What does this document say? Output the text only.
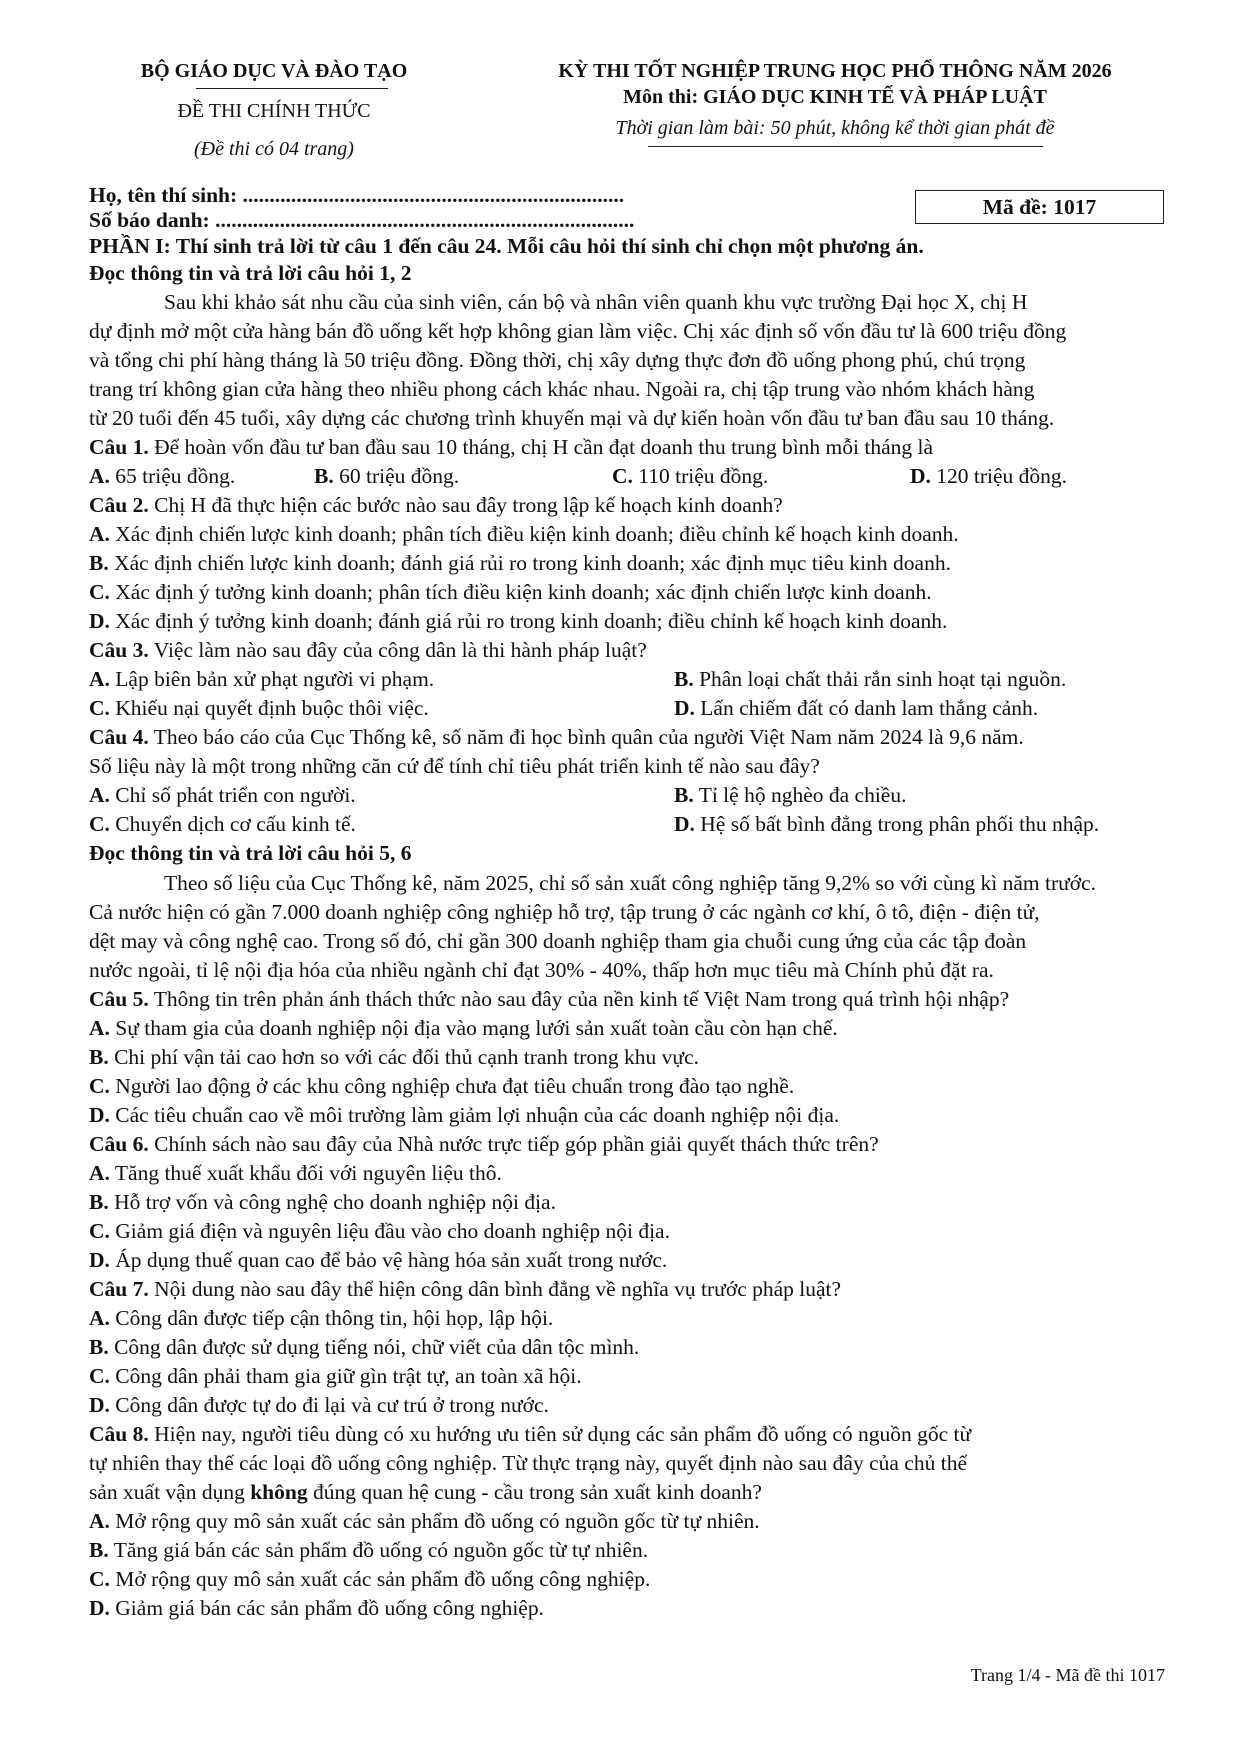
BỘ GIÁO DỤC VÀ ĐÀO TẠO
ĐỀ THI CHÍNH THỨC
(Đề thi có 04 trang)
KỲ THI TỐT NGHIỆP TRUNG HỌC PHỔ THÔNG NĂM 2026
Môn thi: GIÁO DỤC KINH TẾ VÀ PHÁP LUẬT
Thời gian làm bài: 50 phút, không kể thời gian phát đề
Họ, tên thí sinh: .......................................................................
Số báo danh: ..............................................................................
Mã đề: 1017
PHẦN I: Thí sinh trả lời từ câu 1 đến câu 24. Mỗi câu hỏi thí sinh chỉ chọn một phương án.
Đọc thông tin và trả lời câu hỏi 1, 2
Sau khi khảo sát nhu cầu của sinh viên, cán bộ và nhân viên quanh khu vực trường Đại học X, chị H
dự định mở một cửa hàng bán đồ uống kết hợp không gian làm việc. Chị xác định số vốn đầu tư là 600 triệu đồng
và tổng chi phí hàng tháng là 50 triệu đồng. Đồng thời, chị xây dựng thực đơn đồ uống phong phú, chú trọng
trang trí không gian cửa hàng theo nhiều phong cách khác nhau. Ngoài ra, chị tập trung vào nhóm khách hàng
từ 20 tuổi đến 45 tuổi, xây dựng các chương trình khuyến mại và dự kiến hoàn vốn đầu tư ban đầu sau 10 tháng.
Câu 1. Để hoàn vốn đầu tư ban đầu sau 10 tháng, chị H cần đạt doanh thu trung bình mỗi tháng là
A. 65 triệu đồng.	B. 60 triệu đồng.	C. 110 triệu đồng.	D. 120 triệu đồng.
Câu 2. Chị H đã thực hiện các bước nào sau đây trong lập kế hoạch kinh doanh?
A. Xác định chiến lược kinh doanh; phân tích điều kiện kinh doanh; điều chỉnh kế hoạch kinh doanh.
B. Xác định chiến lược kinh doanh; đánh giá rủi ro trong kinh doanh; xác định mục tiêu kinh doanh.
C. Xác định ý tưởng kinh doanh; phân tích điều kiện kinh doanh; xác định chiến lược kinh doanh.
D. Xác định ý tưởng kinh doanh; đánh giá rủi ro trong kinh doanh; điều chỉnh kế hoạch kinh doanh.
Câu 3. Việc làm nào sau đây của công dân là thi hành pháp luật?
A. Lập biên bản xử phạt người vi phạm.	B. Phân loại chất thải rắn sinh hoạt tại nguồn.
C. Khiếu nại quyết định buộc thôi việc.	D. Lấn chiếm đất có danh lam thắng cảnh.
Câu 4. Theo báo cáo của Cục Thống kê, số năm đi học bình quân của người Việt Nam năm 2024 là 9,6 năm.
Số liệu này là một trong những căn cứ để tính chỉ tiêu phát triển kinh tế nào sau đây?
A. Chỉ số phát triển con người.	B. Tỉ lệ hộ nghèo đa chiều.
C. Chuyển dịch cơ cấu kinh tế.	D. Hệ số bất bình đẳng trong phân phối thu nhập.
Đọc thông tin và trả lời câu hỏi 5, 6
Theo số liệu của Cục Thống kê, năm 2025, chỉ số sản xuất công nghiệp tăng 9,2% so với cùng kì năm trước.
Cả nước hiện có gần 7.000 doanh nghiệp công nghiệp hỗ trợ, tập trung ở các ngành cơ khí, ô tô, điện - điện tử,
dệt may và công nghệ cao. Trong số đó, chỉ gần 300 doanh nghiệp tham gia chuỗi cung ứng của các tập đoàn
nước ngoài, tỉ lệ nội địa hóa của nhiều ngành chỉ đạt 30% - 40%, thấp hơn mục tiêu mà Chính phủ đặt ra.
Câu 5. Thông tin trên phản ánh thách thức nào sau đây của nền kinh tế Việt Nam trong quá trình hội nhập?
A. Sự tham gia của doanh nghiệp nội địa vào mạng lưới sản xuất toàn cầu còn hạn chế.
B. Chi phí vận tải cao hơn so với các đối thủ cạnh tranh trong khu vực.
C. Người lao động ở các khu công nghiệp chưa đạt tiêu chuẩn trong đào tạo nghề.
D. Các tiêu chuẩn cao về môi trường làm giảm lợi nhuận của các doanh nghiệp nội địa.
Câu 6. Chính sách nào sau đây của Nhà nước trực tiếp góp phần giải quyết thách thức trên?
A. Tăng thuế xuất khẩu đối với nguyên liệu thô.
B. Hỗ trợ vốn và công nghệ cho doanh nghiệp nội địa.
C. Giảm giá điện và nguyên liệu đầu vào cho doanh nghiệp nội địa.
D. Áp dụng thuế quan cao để bảo vệ hàng hóa sản xuất trong nước.
Câu 7. Nội dung nào sau đây thể hiện công dân bình đẳng về nghĩa vụ trước pháp luật?
A. Công dân được tiếp cận thông tin, hội họp, lập hội.
B. Công dân được sử dụng tiếng nói, chữ viết của dân tộc mình.
C. Công dân phải tham gia giữ gìn trật tự, an toàn xã hội.
D. Công dân được tự do đi lại và cư trú ở trong nước.
Câu 8. Hiện nay, người tiêu dùng có xu hướng ưu tiên sử dụng các sản phẩm đồ uống có nguồn gốc từ
tự nhiên thay thế các loại đồ uống công nghiệp. Từ thực trạng này, quyết định nào sau đây của chủ thể
sản xuất vận dụng không đúng quan hệ cung - cầu trong sản xuất kinh doanh?
A. Mở rộng quy mô sản xuất các sản phẩm đồ uống có nguồn gốc từ tự nhiên.
B. Tăng giá bán các sản phẩm đồ uống có nguồn gốc từ tự nhiên.
C. Mở rộng quy mô sản xuất các sản phẩm đồ uống công nghiệp.
D. Giảm giá bán các sản phẩm đồ uống công nghiệp.
Trang 1/4 - Mã đề thi 1017
